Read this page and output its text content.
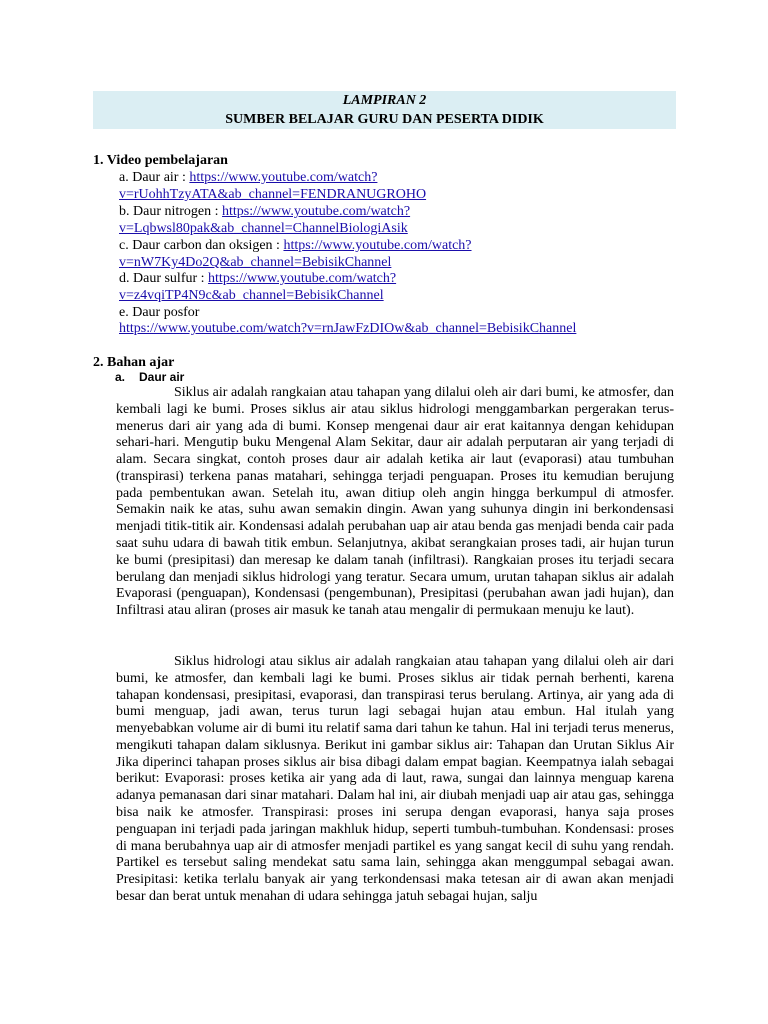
LAMPIRAN 2
SUMBER BELAJAR GURU DAN PESERTA DIDIK
1. Video pembelajaran
a. Daur air : https://www.youtube.com/watch?
v=rUohhTzyATA&ab_channel=FENDRANUGROHO
b. Daur nitrogen : https://www.youtube.com/watch?
v=Lqbwsl80pak&ab_channel=ChannelBiologiAsik
c. Daur carbon dan oksigen : https://www.youtube.com/watch?
v=nW7Ky4Do2Q&ab_channel=BebisikChannel
d. Daur sulfur : https://www.youtube.com/watch?
v=z4vqiTP4N9c&ab_channel=BebisikChannel
e. Daur posfor
https://www.youtube.com/watch?v=rnJawFzDIOw&ab_channel=BebisikChannel
2. Bahan ajar
a. Daur air

Siklus air adalah rangkaian atau tahapan yang dilalui oleh air dari bumi, ke atmosfer, dan kembali lagi ke bumi. Proses siklus air atau siklus hidrologi menggambarkan pergerakan terus-menerus dari air yang ada di bumi. Konsep mengenai daur air erat kaitannya dengan kehidupan sehari-hari. Mengutip buku Mengenal Alam Sekitar, daur air adalah perputaran air yang terjadi di alam. Secara singkat, contoh proses daur air adalah ketika air laut (evaporasi) atau tumbuhan (transpirasi) terkena panas matahari, sehingga terjadi penguapan. Proses itu kemudian berujung pada pembentukan awan. Setelah itu, awan ditiup oleh angin hingga berkumpul di atmosfer. Semakin naik ke atas, suhu awan semakin dingin. Awan yang suhunya dingin ini berkondensasi menjadi titik-titik air. Kondensasi adalah perubahan uap air atau benda gas menjadi benda cair pada saat suhu udara di bawah titik embun. Selanjutnya, akibat serangkaian proses tadi, air hujan turun ke bumi (presipitasi) dan meresap ke dalam tanah (infiltrasi). Rangkaian proses itu terjadi secara berulang dan menjadi siklus hidrologi yang teratur. Secara umum, urutan tahapan siklus air adalah Evaporasi (penguapan), Kondensasi (pengembunan), Presipitasi (perubahan awan jadi hujan), dan Infiltrasi atau aliran (proses air masuk ke tanah atau mengalir di permukaan menuju ke laut).

Siklus hidrologi atau siklus air adalah rangkaian atau tahapan yang dilalui oleh air dari bumi, ke atmosfer, dan kembali lagi ke bumi. Proses siklus air tidak pernah berhenti, karena tahapan kondensasi, presipitasi, evaporasi, dan transpirasi terus berulang. Artinya, air yang ada di bumi menguap, jadi awan, terus turun lagi sebagai hujan atau embun. Hal itulah yang menyebabkan volume air di bumi itu relatif sama dari tahun ke tahun. Hal ini terjadi terus menerus, mengikuti tahapan dalam siklusnya. Berikut ini gambar siklus air: Tahapan dan Urutan Siklus Air Jika diperinci tahapan proses siklus air bisa dibagi dalam empat bagian. Keempatnya ialah sebagai berikut: Evaporasi: proses ketika air yang ada di laut, rawa, sungai dan lainnya menguap karena adanya pemanasan dari sinar matahari. Dalam hal ini, air diubah menjadi uap air atau gas, sehingga bisa naik ke atmosfer. Transpirasi: proses ini serupa dengan evaporasi, hanya saja proses penguapan ini terjadi pada jaringan makhluk hidup, seperti tumbuh-tumbuhan. Kondensasi: proses di mana berubahnya uap air di atmosfer menjadi partikel es yang sangat kecil di suhu yang rendah. Partikel es tersebut saling mendekat satu sama lain, sehingga akan menggumpal sebagai awan. Presipitasi: ketika terlalu banyak air yang terkondensasi maka tetesan air di awan akan menjadi besar dan berat untuk menahan di udara sehingga jatuh sebagai hujan, salju
